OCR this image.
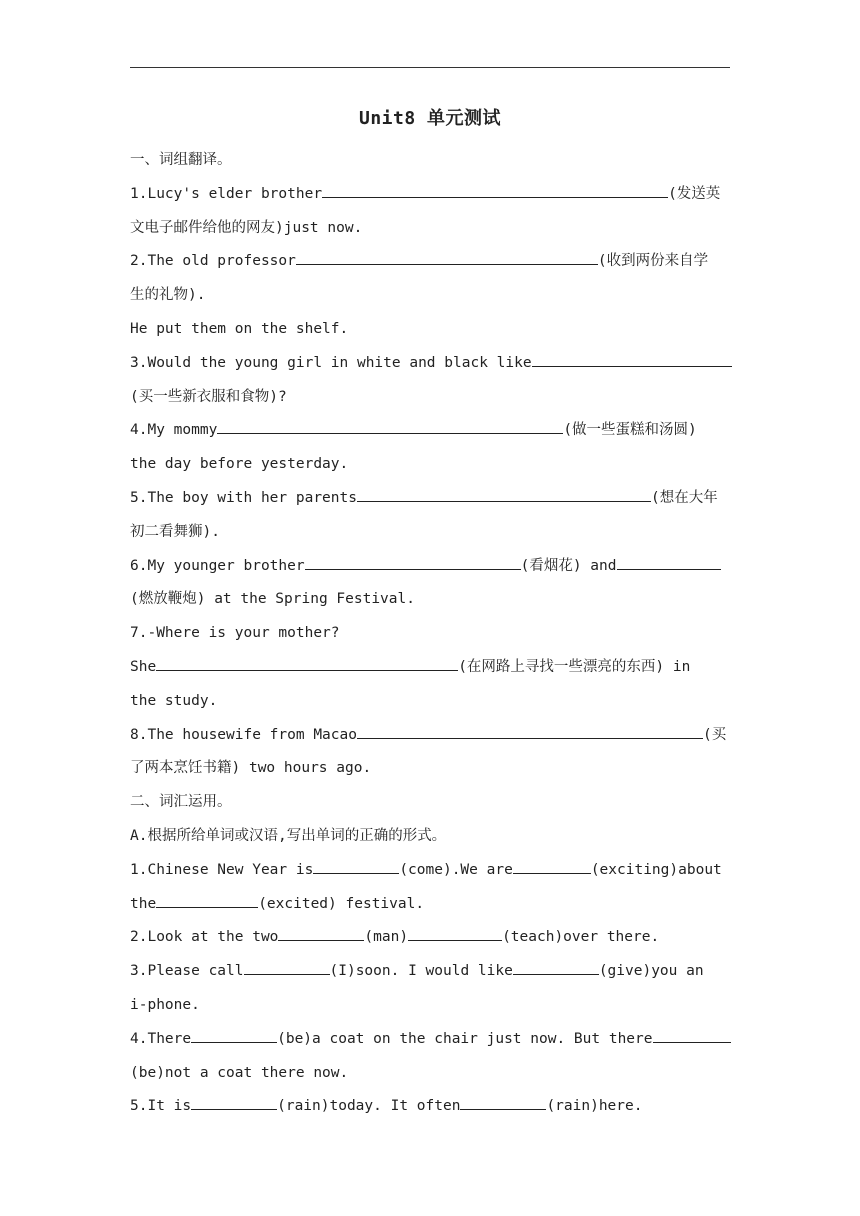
Unit8 单元测试
一、词组翻译。
1.Lucy's elder brother	(发送英
文电子邮件给他的网友)just now.
2.The old professor	(收到两份来自学
生的礼物).
He put them on the shelf.
3.Would the young girl in white and black like
(买一些新衣服和食物)?
4.My mommy	(做一些蛋糕和汤圆)
the day before yesterday.
5.The boy with her parents	(想在大年
初二看舞狮).
6.My younger brother	(看烟花) and
(燃放鞭炮) at the Spring Festival.
7.-Where is your mother?
She	(在网路上寻找一些漂亮的东西) in
the study.
8.The housewife from Macao	(买
了两本烹饪书籍) two hours ago.
二、词汇运用。
A.根据所给单词或汉语,写出单词的正确的形式。
1.Chinese New Year is	(come).We are	(exciting)about
the	(excited) festival.
2.Look at the two	(man)	(teach)over there.
3.Please call	(I)soon. I would like	(give)you an
i-phone.
4.There	(be)a coat on the chair just now. But there
(be)not a coat there now.
5.It is	(rain)today. It often	(rain)here.
